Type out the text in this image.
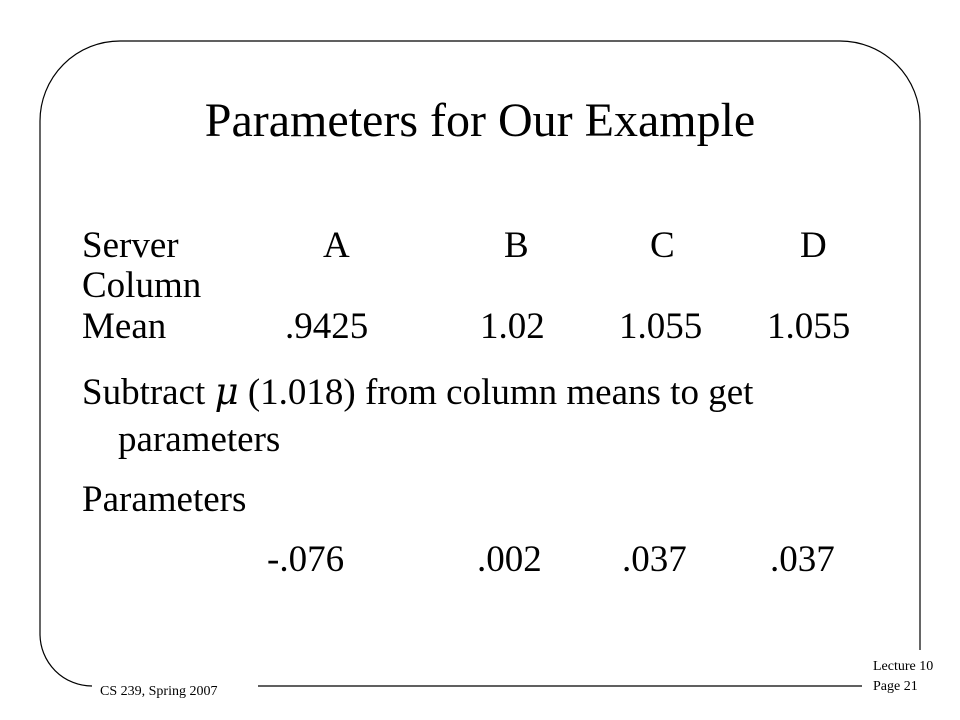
Parameters for Our Example
Server	A	B	C	D
Column
Mean	.9425	1.02 1.055 1.055
Subtract μ (1.018) from column means to get
parameters
Parameters
-.076	.002 .037 .037
CS 239, Spring 2007
Lecture 10
Page 21
